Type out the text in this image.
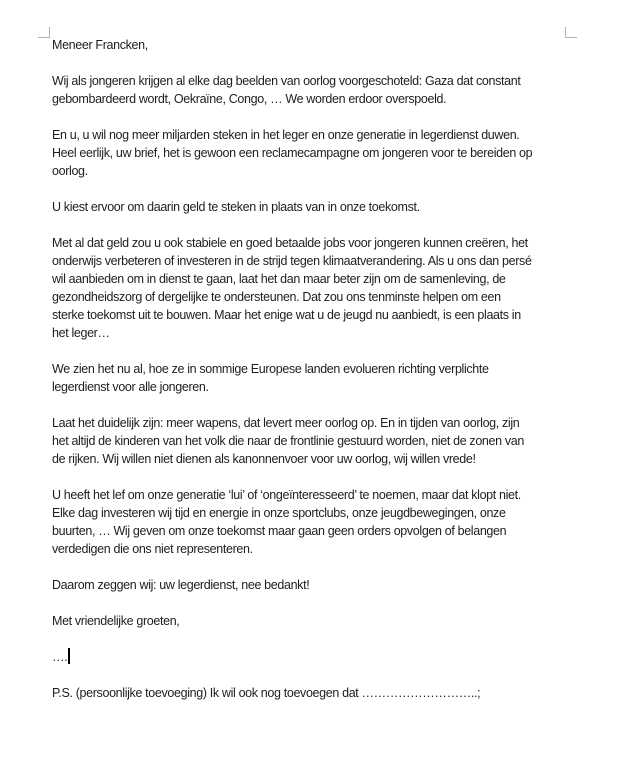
Meneer Francken,
Wij als jongeren krijgen al elke dag beelden van oorlog voorgeschoteld: Gaza dat constant
gebombardeerd wordt, Oekraïne, Congo, … We worden erdoor overspoeld.
En u, u wil nog meer miljarden steken in het leger en onze generatie in legerdienst duwen.
Heel eerlijk, uw brief, het is gewoon een reclamecampagne om jongeren voor te bereiden op
oorlog.
U kiest ervoor om daarin geld te steken in plaats van in onze toekomst.
Met al dat geld zou u ook stabiele en goed betaalde jobs voor jongeren kunnen creëren, het
onderwijs verbeteren of investeren in de strijd tegen klimaatverandering. Als u ons dan persé
wil aanbieden om in dienst te gaan, laat het dan maar beter zijn om de samenleving, de
gezondheidszorg of dergelijke te ondersteunen. Dat zou ons tenminste helpen om een
sterke toekomst uit te bouwen. Maar het enige wat u de jeugd nu aanbiedt, is een plaats in
het leger…
We zien het nu al, hoe ze in sommige Europese landen evolueren richting verplichte
legerdienst voor alle jongeren.
Laat het duidelijk zijn: meer wapens, dat levert meer oorlog op. En in tijden van oorlog, zijn
het altijd de kinderen van het volk die naar de frontlinie gestuurd worden, niet de zonen van
de rijken. Wij willen niet dienen als kanonnenvoer voor uw oorlog, wij willen vrede!
U heeft het lef om onze generatie ‘lui’ of ‘ongeïnteresseerd’ te noemen, maar dat klopt niet.
Elke dag investeren wij tijd en energie in onze sportclubs, onze jeugdbewegingen, onze
buurten, … Wij geven om onze toekomst maar gaan geen orders opvolgen of belangen
verdedigen die ons niet representeren.
Daarom zeggen wij: uw legerdienst, nee bedankt!
Met vriendelijke groeten,
….
P.S. (persoonlijke toevoeging) Ik wil ook nog toevoegen dat ………………………..;
